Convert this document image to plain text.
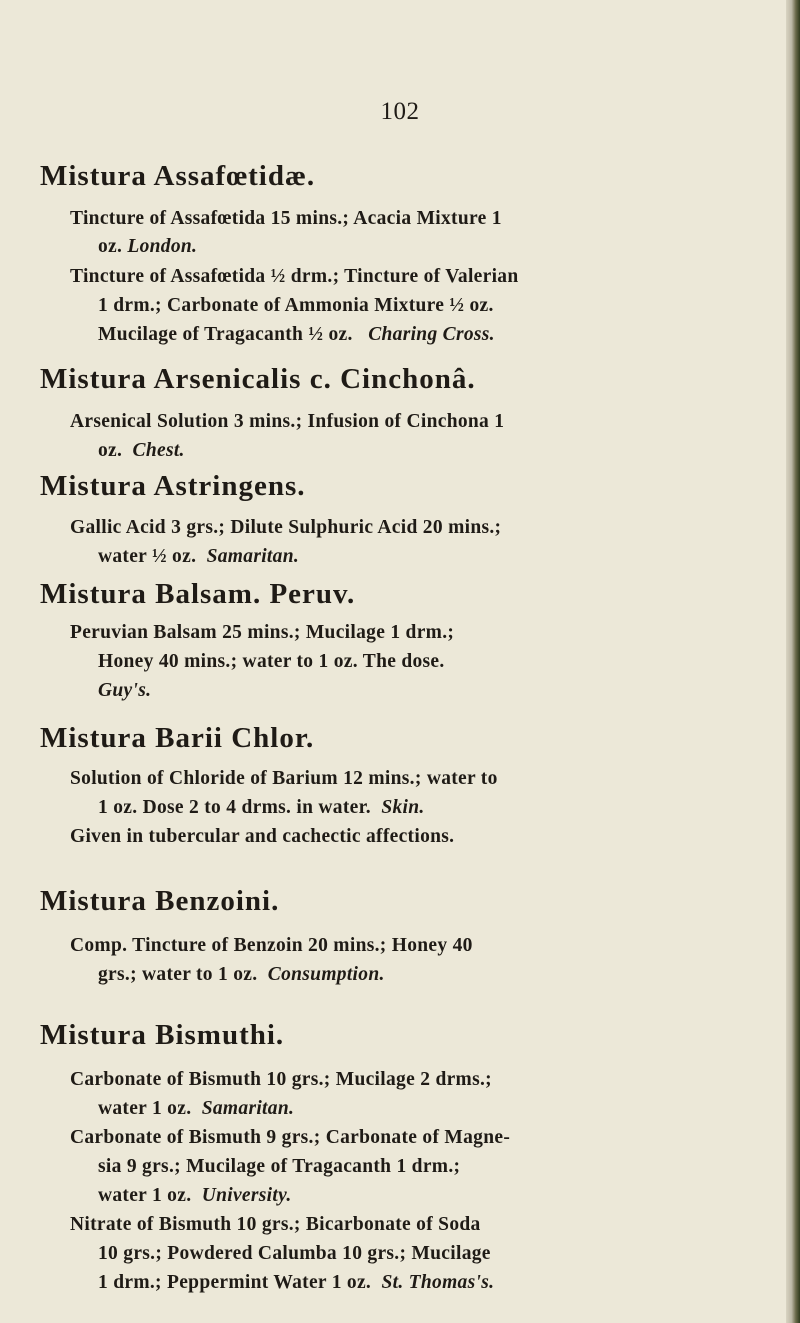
102
Mistura Assafœtidæ.
Tincture of Assafœtida 15 mins.; Acacia Mixture 1
oz. London.
Tincture of Assafœtida ½ drm.; Tincture of Valerian
1 drm.; Carbonate of Ammonia Mixture ½ oz.
Mucilage of Tragacanth ½ oz. Charing Cross.
Mistura Arsenicalis c. Cinchonâ.
Arsenical Solution 3 mins.; Infusion of Cinchona 1
oz. Chest.
Mistura Astringens.
Gallic Acid 3 grs.; Dilute Sulphuric Acid 20 mins.;
water ½ oz. Samaritan.
Mistura Balsam. Peruv.
Peruvian Balsam 25 mins.; Mucilage 1 drm.;
Honey 40 mins.; water to 1 oz. The dose.
Guy's.
Mistura Barii Chlor.
Solution of Chloride of Barium 12 mins.; water to
1 oz. Dose 2 to 4 drms. in water. Skin.
Given in tubercular and cachectic affections.
Mistura Benzoini.
Comp. Tincture of Benzoin 20 mins.; Honey 40
grs.; water to 1 oz. Consumption.
Mistura Bismuthi.
Carbonate of Bismuth 10 grs.; Mucilage 2 drms.;
water 1 oz. Samaritan.
Carbonate of Bismuth 9 grs.; Carbonate of Magne-
sia 9 grs.; Mucilage of Tragacanth 1 drm.;
water 1 oz. University.
Nitrate of Bismuth 10 grs.; Bicarbonate of Soda
10 grs.; Powdered Calumba 10 grs.; Mucilage
1 drm.; Peppermint Water 1 oz. St. Thomas's.
